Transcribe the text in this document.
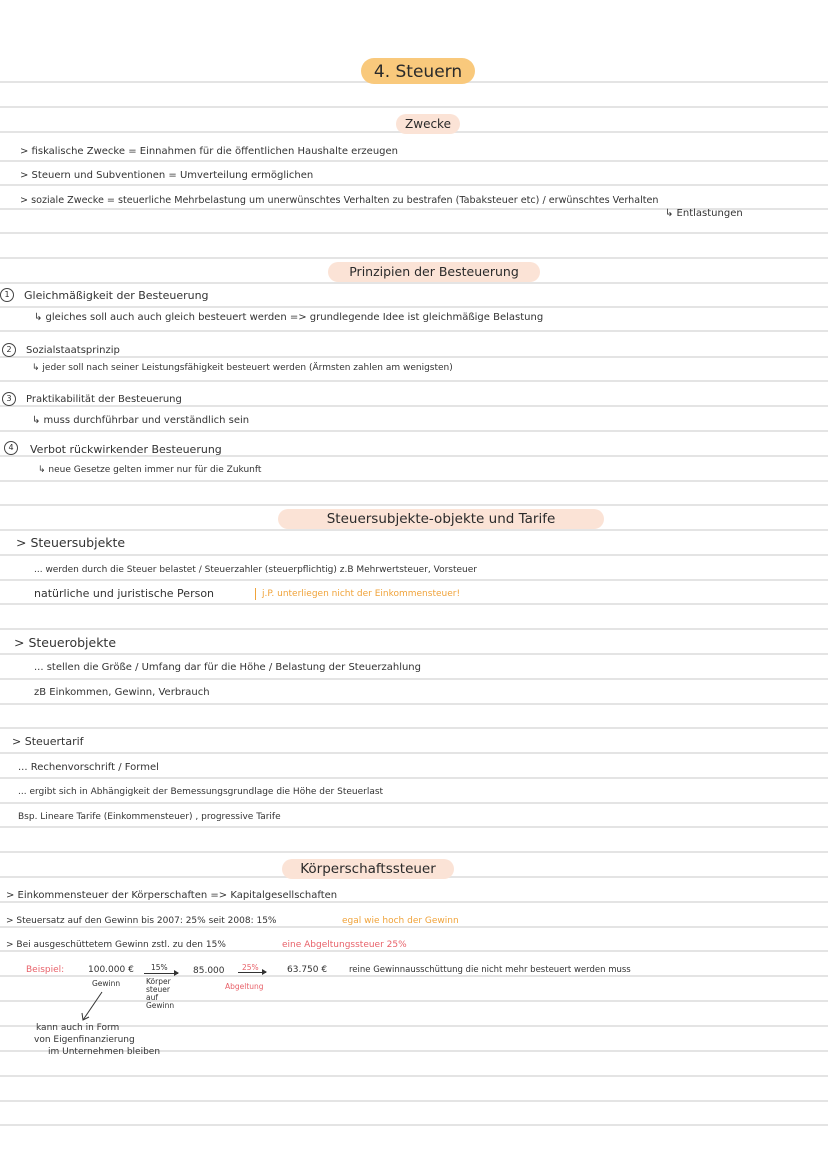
4. Steuern
Zwecke
> fiskalische Zwecke = Einnahmen für die öffentlichen Haushalte erzeugen
> Steuern und Subventionen = Umverteilung ermöglichen
> soziale Zwecke = steuerliche Mehrbelastung um unerwünschtes Verhalten zu bestrafen (Tabaksteuer etc) / erwünschtes Verhalten
↳ Entlastungen
Prinzipien der Besteuerung
1	Gleichmäßigkeit der Besteuerung
↳ gleiches soll auch auch gleich besteuert werden => grundlegende Idee ist gleichmäßige Belastung
2	Sozialstaatsprinzip
↳ jeder soll nach seiner Leistungsfähigkeit besteuert werden (Ärmsten zahlen am wenigsten)
3	Praktikabilität der Besteuerung
↳ muss durchführbar und verständlich sein
4	Verbot rückwirkender Besteuerung
↳ neue Gesetze gelten immer nur für die Zukunft
Steuersubjekte-objekte und Tarife
> Steuersubjekte
... werden durch die Steuer belastet / Steuerzahler (steuerpflichtig) z.B Mehrwertsteuer, Vorsteuer
natürliche und juristische Person	j.P. unterliegen nicht der Einkommensteuer!
> Steuerobjekte
... stellen die Größe / Umfang dar für die Höhe / Belastung der Steuerzahlung
zB Einkommen, Gewinn, Verbrauch
> Steuertarif
... Rechenvorschrift / Formel
... ergibt sich in Abhängigkeit der Bemessungsgrundlage die Höhe der Steuerlast
Bsp. Lineare Tarife (Einkommensteuer) , progressive Tarife
Körperschaftssteuer
> Einkommensteuer der Körperschaften => Kapitalgesellschaften
> Steuersatz auf den Gewinn bis 2007: 25% seit 2008: 15%	egal wie hoch der Gewinn
> Bei ausgeschüttetem Gewinn zstl. zu den 15%	eine Abgeltungssteuer 25%
Beispiel:	100.000 €
Gewinn
15%
Körper steuer auf Gewinn
85.000 25%
Abgeltung
63.750 €	reine Gewinnausschüttung die nicht mehr besteuert werden muss
kann auch in Form
von Eigenfinanzierung
im Unternehmen bleiben
